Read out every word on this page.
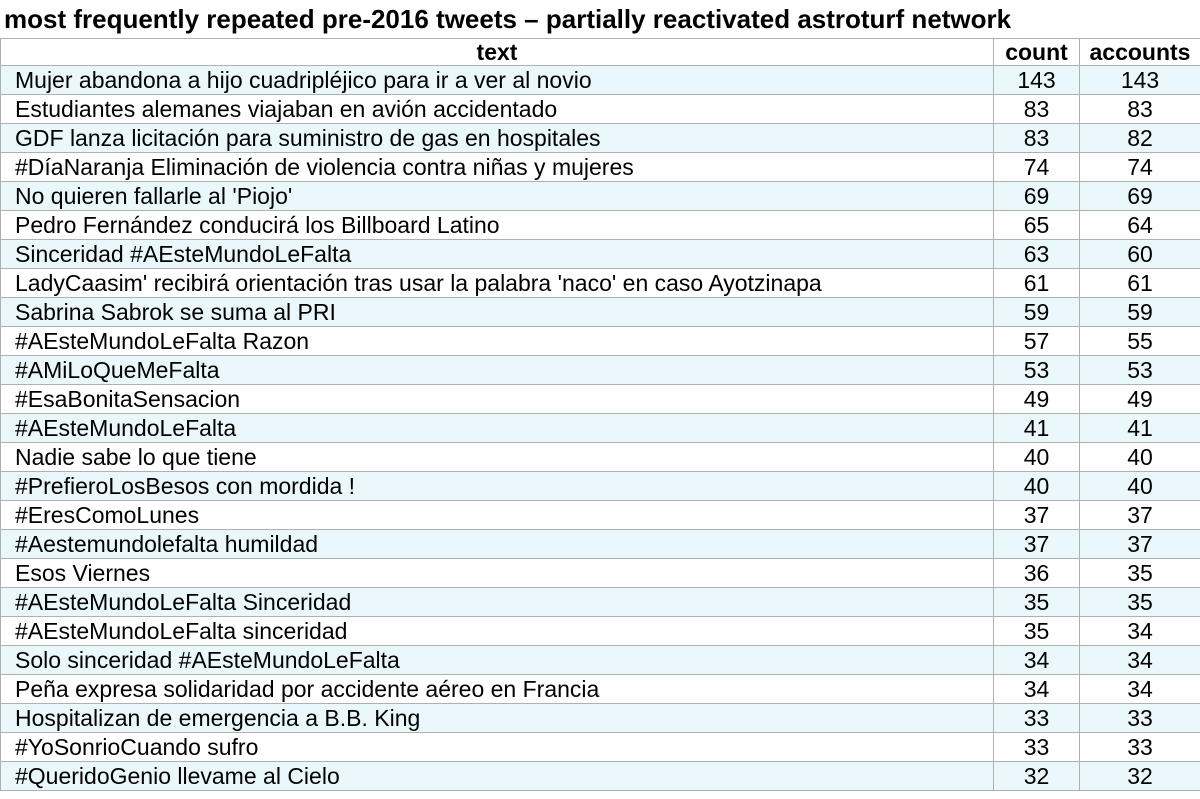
most frequently repeated pre-2016 tweets – partially reactivated astroturf network
text	count	accounts
Mujer abandona a hijo cuadripléjico para ir a ver al novio	143	143
Estudiantes alemanes viajaban en avión accidentado	83	83
GDF lanza licitación para suministro de gas en hospitales	83	82
#DíaNaranja Eliminación de violencia contra niñas y mujeres	74	74
No quieren fallarle al 'Piojo'	69	69
Pedro Fernández conducirá los Billboard Latino	65	64
Sinceridad #AEsteMundoLeFalta	63	60
LadyCaasim' recibirá orientación tras usar la palabra 'naco' en caso Ayotzinapa	61	61
Sabrina Sabrok se suma al PRI	59	59
#AEsteMundoLeFalta Razon	57	55
#AMiLoQueMeFalta	53	53
#EsaBonitaSensacion	49	49
#AEsteMundoLeFalta	41	41
Nadie sabe lo que tiene	40	40
#PrefieroLosBesos con mordida !	40	40
#EresComoLunes	37	37
#Aestemundolefalta humildad	37	37
Esos Viernes	36	35
#AEsteMundoLeFalta Sinceridad	35	35
#AEsteMundoLeFalta sinceridad	35	34
Solo sinceridad #AEsteMundoLeFalta	34	34
Peña expresa solidaridad por accidente aéreo en Francia	34	34
Hospitalizan de emergencia a B.B. King	33	33
#YoSonrioCuando sufro	33	33
#QueridoGenio llevame al Cielo	32	32
